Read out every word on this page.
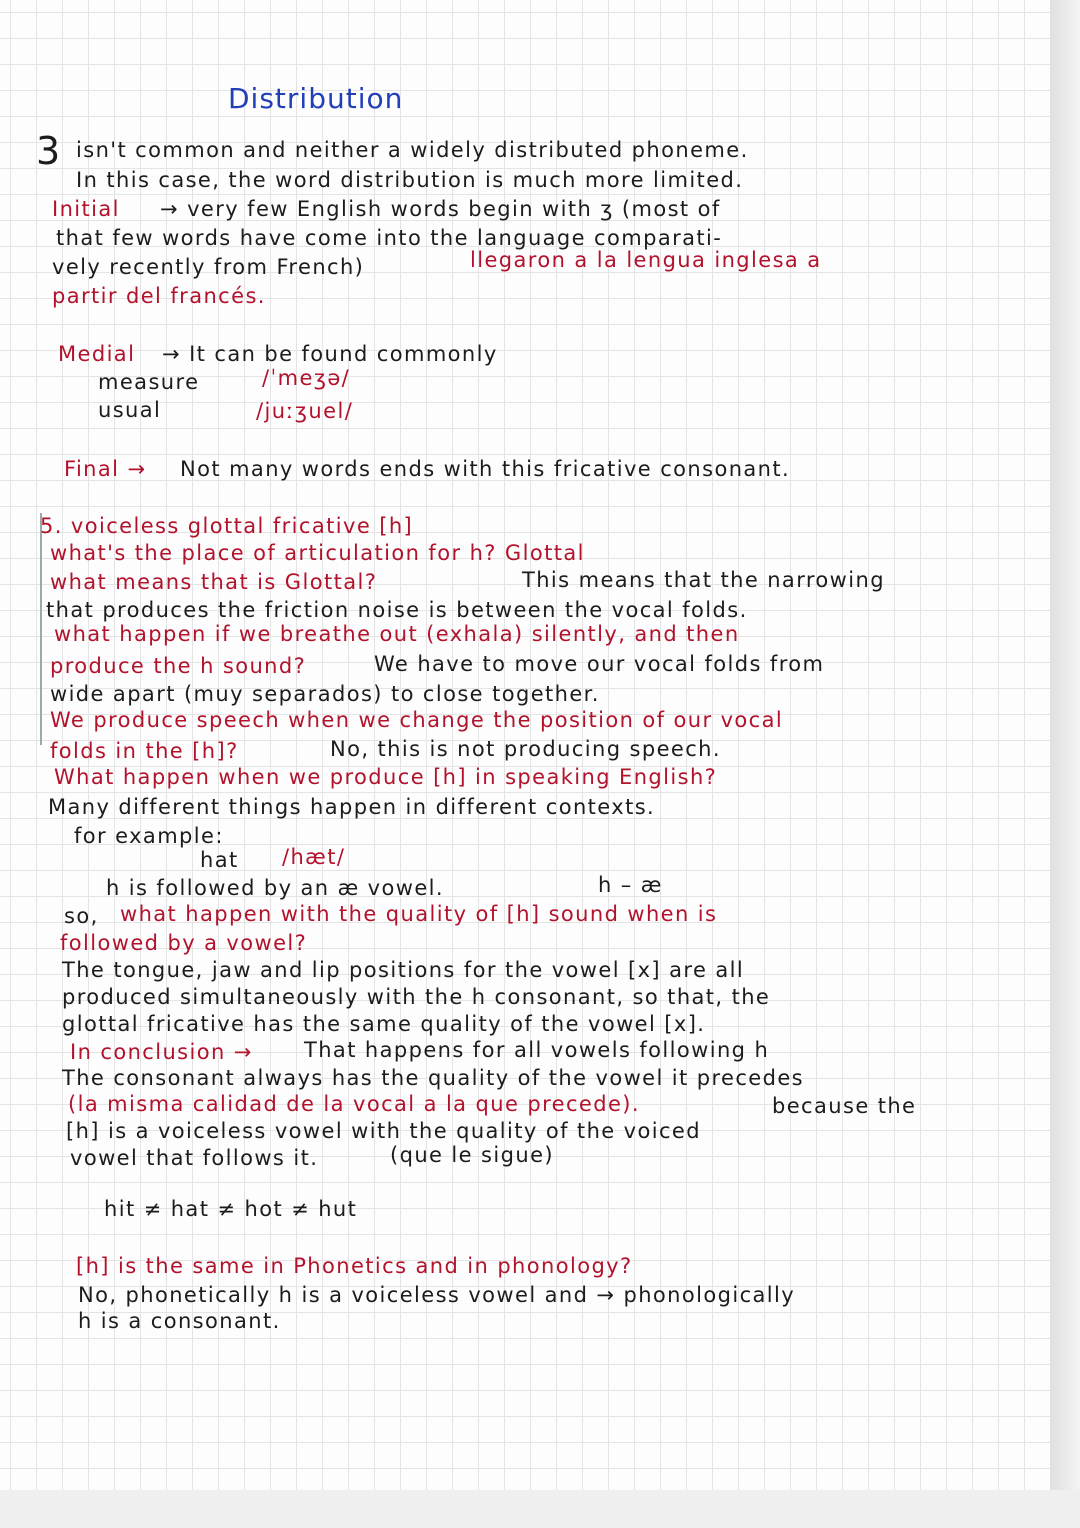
Distribution
3 isn't common and neither a widely distributed phoneme.
In this case, the word distribution is much more limited.
Initial → very few English words begin with ʒ (most of
that few words have come into the language comparati-
vely recently from French)	llegaron a la lengua inglesa a
partir del francés.
Medial → It can be found commonly
measure	/ˈmeʒə/
usual	/juːʒuel/
Final → Not many words ends with this fricative consonant.
5. voiceless glottal fricative [h]
what's the place of articulation for h? Glottal
what means that is Glottal?	This means that the narrowing
that produces the friction noise is between the vocal folds.
what happen if we breathe out (exhala) silently, and then
produce the h sound?	We have to move our vocal folds from
wide apart (muy separados) to close together.
We produce speech when we change the position of our vocal
folds in the [h]?	No, this is not producing speech.
What happen when we produce [h] in speaking English?
Many different things happen in different contexts.
for example:
hat /hæt/
h is followed by an æ vowel.	h – æ
so, what happen with the quality of [h] sound when is
followed by a vowel?
The tongue, jaw and lip positions for the vowel [x] are all
produced simultaneously with the h consonant, so that, the
glottal fricative has the same quality of the vowel [x].
In conclusion → That happens for all vowels following h
The consonant always has the quality of the vowel it precedes
(la misma calidad de la vocal a la que precede).	because the
[h] is a voiceless vowel with the quality of the voiced
vowel that follows it.	(que le sigue)
hit ≠ hat ≠ hot ≠ hut
[h] is the same in Phonetics and in phonology?
No, phonetically h is a voiceless vowel and → phonologically
h is a consonant.
